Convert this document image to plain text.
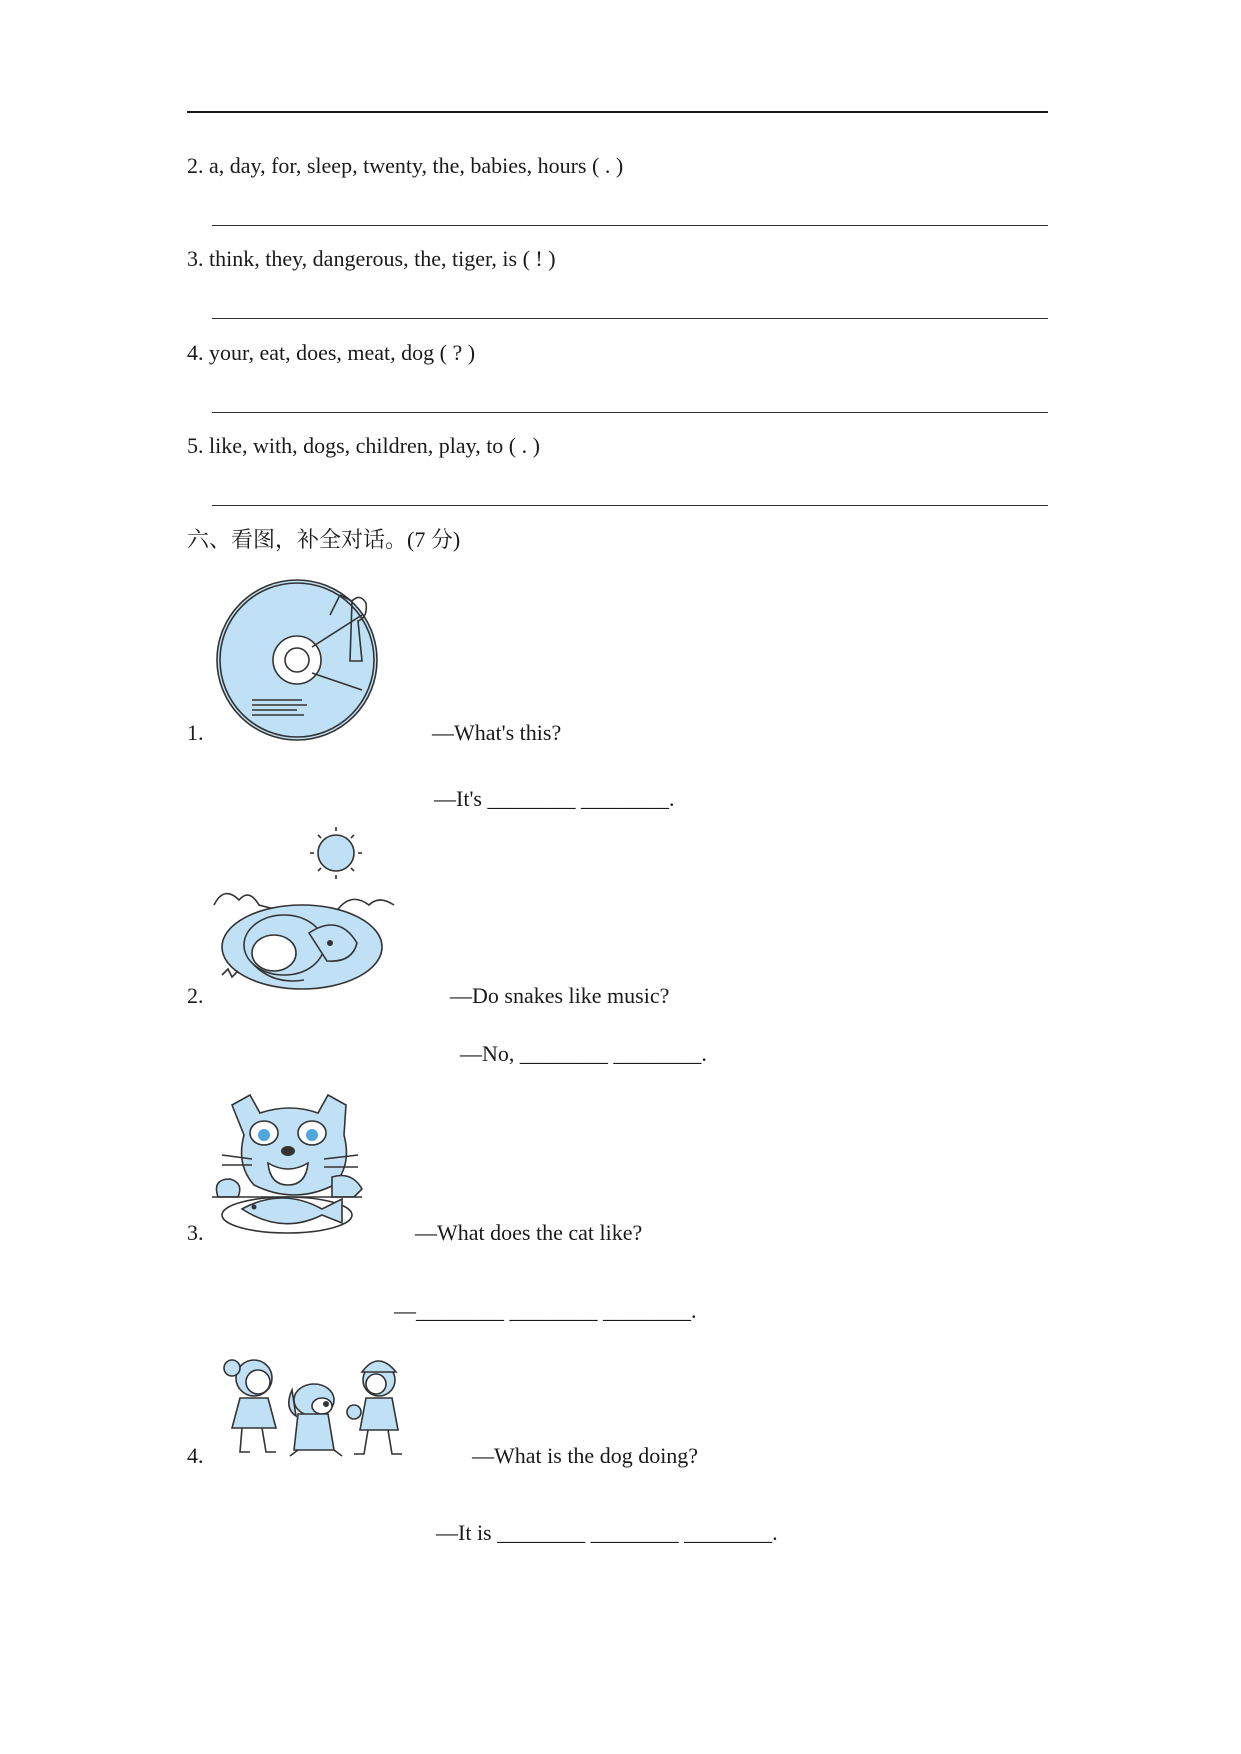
2. a, day, for, sleep, twenty, the, babies, hours ( . )
3. think, they, dangerous, the, tiger, is ( ! )
4. your, eat, does, meat, dog ( ? )
5. like, with, dogs, children, play, to ( . )
六、看图，补全对话。(7 分)
1.	—What's this?
—It's ________ ________.
2.	—Do snakes like music?
—No, ________ ________.
3.	—What does the cat like?
—________ ________ ________.
4.	—What is the dog doing?
—It is ________ ________ ________.
